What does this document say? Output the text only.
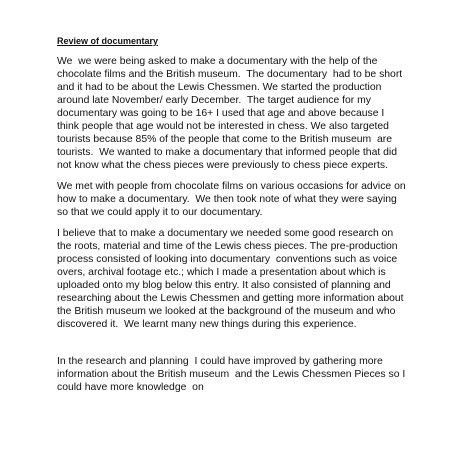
Review of documentary

We  we were being asked to make a documentary with the help of the chocolate films and the British museum.  The documentary  had to be short and it had to be about the Lewis Chessmen. We started the production around late November/ early December.  The target audience for my documentary was going to be 16+ I used that age and above because I think people that age would not be interested in chess. We also targeted tourists because 85% of the people that come to the British museum  are tourists.  We wanted to make a documentary that informed people that did not know what the chess pieces were previously to chess piece experts.

We met with people from chocolate films on various occasions for advice on how to make a documentary.  We then took note of what they were saying so that we could apply it to our documentary.

I believe that to make a documentary we needed some good research on the roots, material and time of the Lewis chess pieces. The pre-production  process consisted of looking into documentary  conventions such as voice overs, archival footage etc.; which I made a presentation about which is uploaded onto my blog below this entry. It also consisted of planning and researching about the Lewis Chessmen and getting more information about the British museum we looked at the background of the museum and who discovered it.  We learnt many new things during this experience.

In the research and planning  I could have improved by gathering more information about the British museum  and the Lewis Chessmen Pieces so I could have more knowledge  on
